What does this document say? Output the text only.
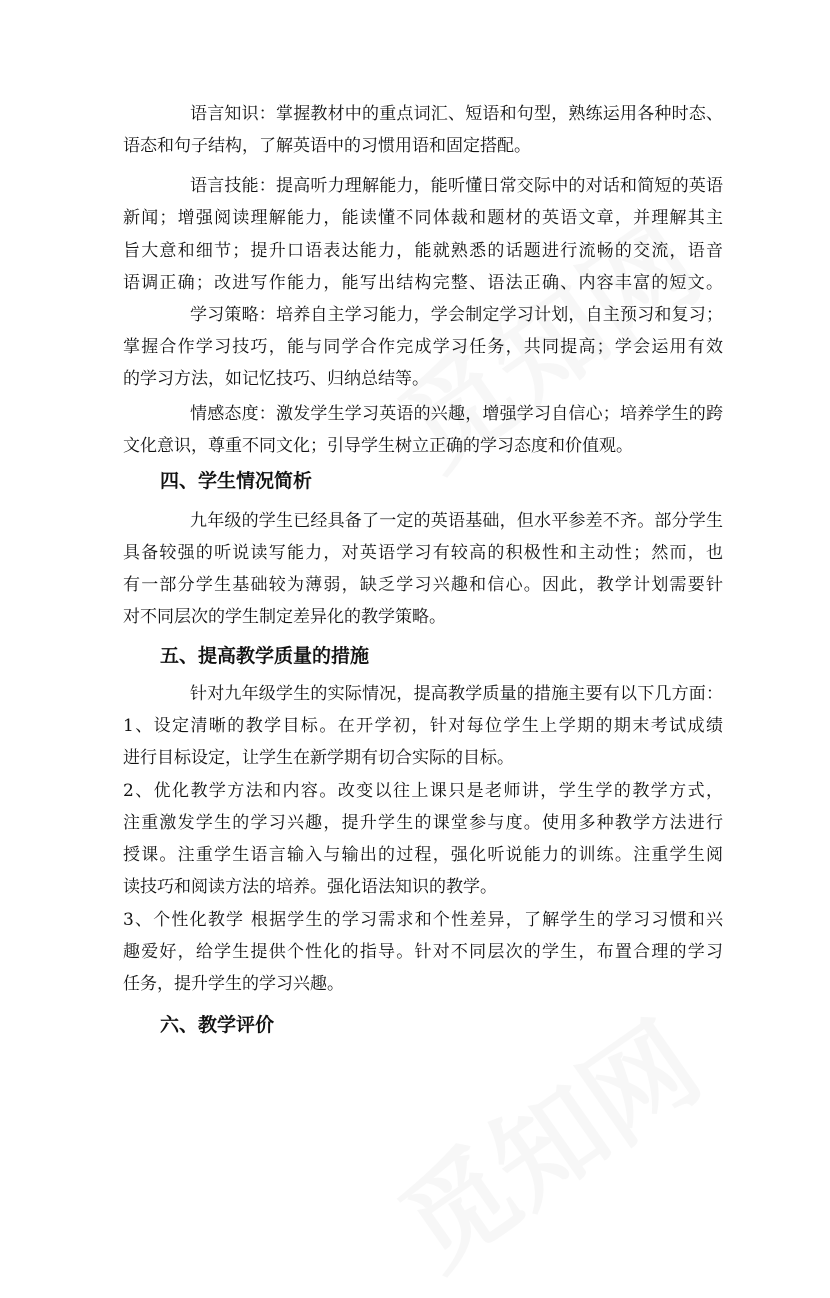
语言知识：掌握教材中的重点词汇、短语和句型，熟练运用各种时态、
语态和句子结构，了解英语中的习惯用语和固定搭配。
语言技能：提高听力理解能力，能听懂日常交际中的对话和简短的英语
新闻；增强阅读理解能力，能读懂不同体裁和题材的英语文章，并理解其主
旨大意和细节；提升口语表达能力，能就熟悉的话题进行流畅的交流，语音
语调正确；改进写作能力，能写出结构完整、语法正确、内容丰富的短文。
学习策略：培养自主学习能力，学会制定学习计划，自主预习和复习；
掌握合作学习技巧，能与同学合作完成学习任务，共同提高；学会运用有效
的学习方法，如记忆技巧、归纳总结等。
情感态度：激发学生学习英语的兴趣，增强学习自信心；培养学生的跨
文化意识，尊重不同文化；引导学生树立正确的学习态度和价值观。
四、学生情况简析
九年级的学生已经具备了一定的英语基础，但水平参差不齐。部分学生
具备较强的听说读写能力，对英语学习有较高的积极性和主动性；然而，也
有一部分学生基础较为薄弱，缺乏学习兴趣和信心。因此，教学计划需要针
对不同层次的学生制定差异化的教学策略。
五、提高教学质量的措施
针对九年级学生的实际情况，提高教学质量的措施主要有以下几方面：
1、设定清晰的教学目标。在开学初，针对每位学生上学期的期末考试成绩
进行目标设定，让学生在新学期有切合实际的目标。
2、优化教学方法和内容。改变以往上课只是老师讲，学生学的教学方式，
注重激发学生的学习兴趣，提升学生的课堂参与度。使用多种教学方法进行
授课。注重学生语言输入与输出的过程，强化听说能力的训练。注重学生阅
读技巧和阅读方法的培养。强化语法知识的教学。
3、个性化教学 根据学生的学习需求和个性差异，了解学生的学习习惯和兴
趣爱好，给学生提供个性化的指导。针对不同层次的学生，布置合理的学习
任务，提升学生的学习兴趣。
六、教学评价
